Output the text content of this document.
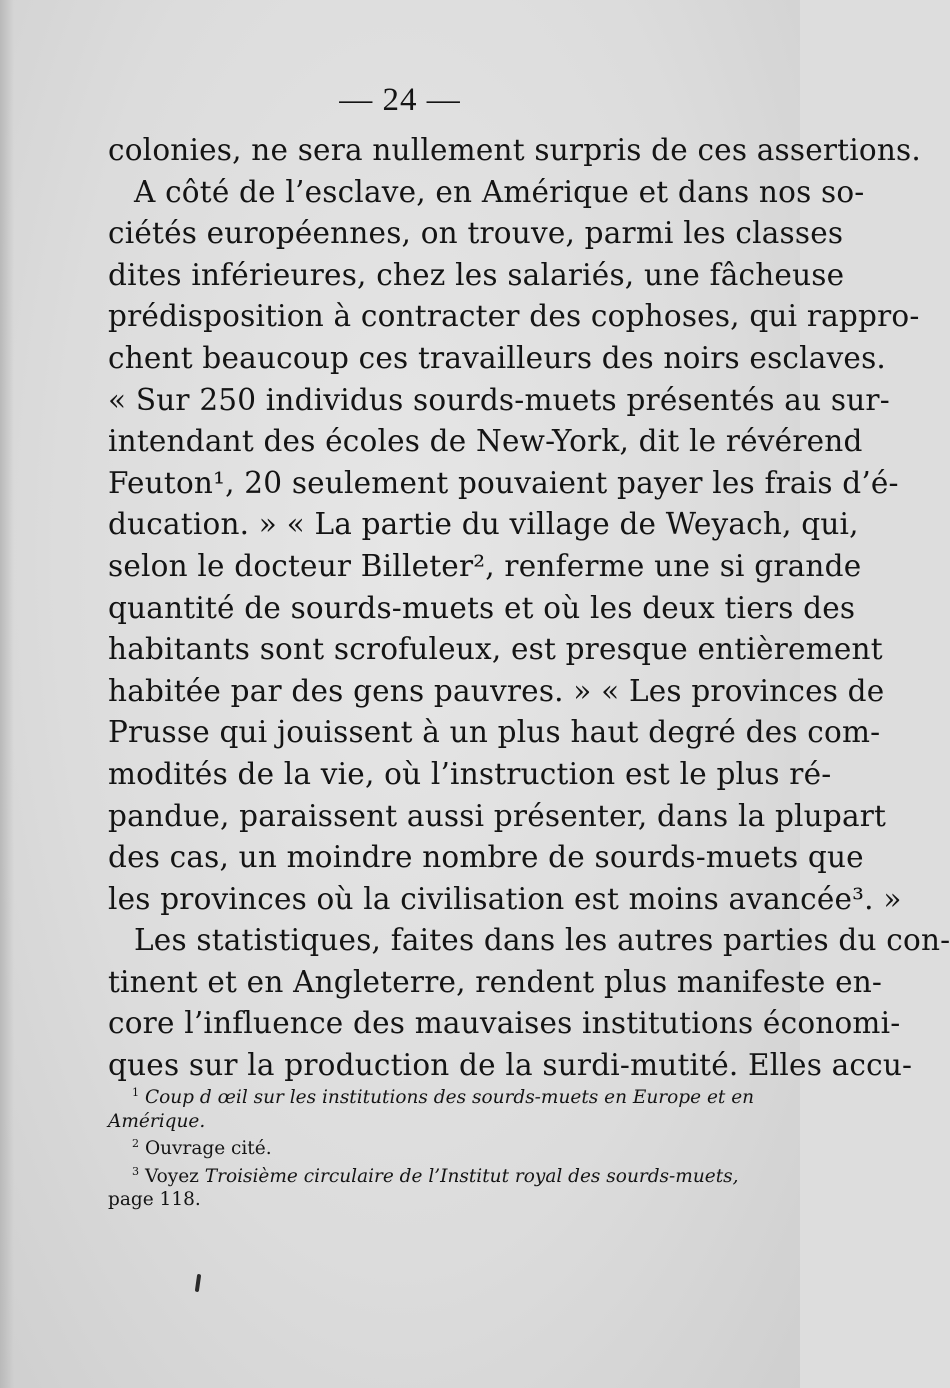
— 24 —
colonies, ne sera nullement surpris de ces assertions.
A côté de l’esclave, en Amérique et dans nos so-
ciétés européennes, on trouve, parmi les classes
dites inférieures, chez les salariés, une fâcheuse
prédisposition à contracter des cophoses, qui rappro-
chent beaucoup ces travailleurs des noirs esclaves.
« Sur 250 individus sourds-muets présentés au sur-
intendant des écoles de New-York, dit le révérend
Feuton¹, 20 seulement pouvaient payer les frais d’é-
ducation. » « La partie du village de Weyach, qui,
selon le docteur Billeter², renferme une si grande
quantité de sourds-muets et où les deux tiers des
habitants sont scrofuleux, est presque entièrement
habitée par des gens pauvres. » « Les provinces de
Prusse qui jouissent à un plus haut degré des com-
modités de la vie, où l’instruction est le plus ré-
pandue, paraissent aussi présenter, dans la plupart
des cas, un moindre nombre de sourds-muets que
les provinces où la civilisation est moins avancée³. »
Les statistiques, faites dans les autres parties du con-
tinent et en Angleterre, rendent plus manifeste en-
core l’influence des mauvaises institutions économi-
ques sur la production de la surdi-mutité. Elles accu-
$^1$ Coup d œil sur les institutions des sourds-muets en Europe et en
Amérique.
$^2$ Ouvrage cité.
$^3$ Voyez Troisième circulaire de l’Institut royal des sourds-muets,
page 118.
